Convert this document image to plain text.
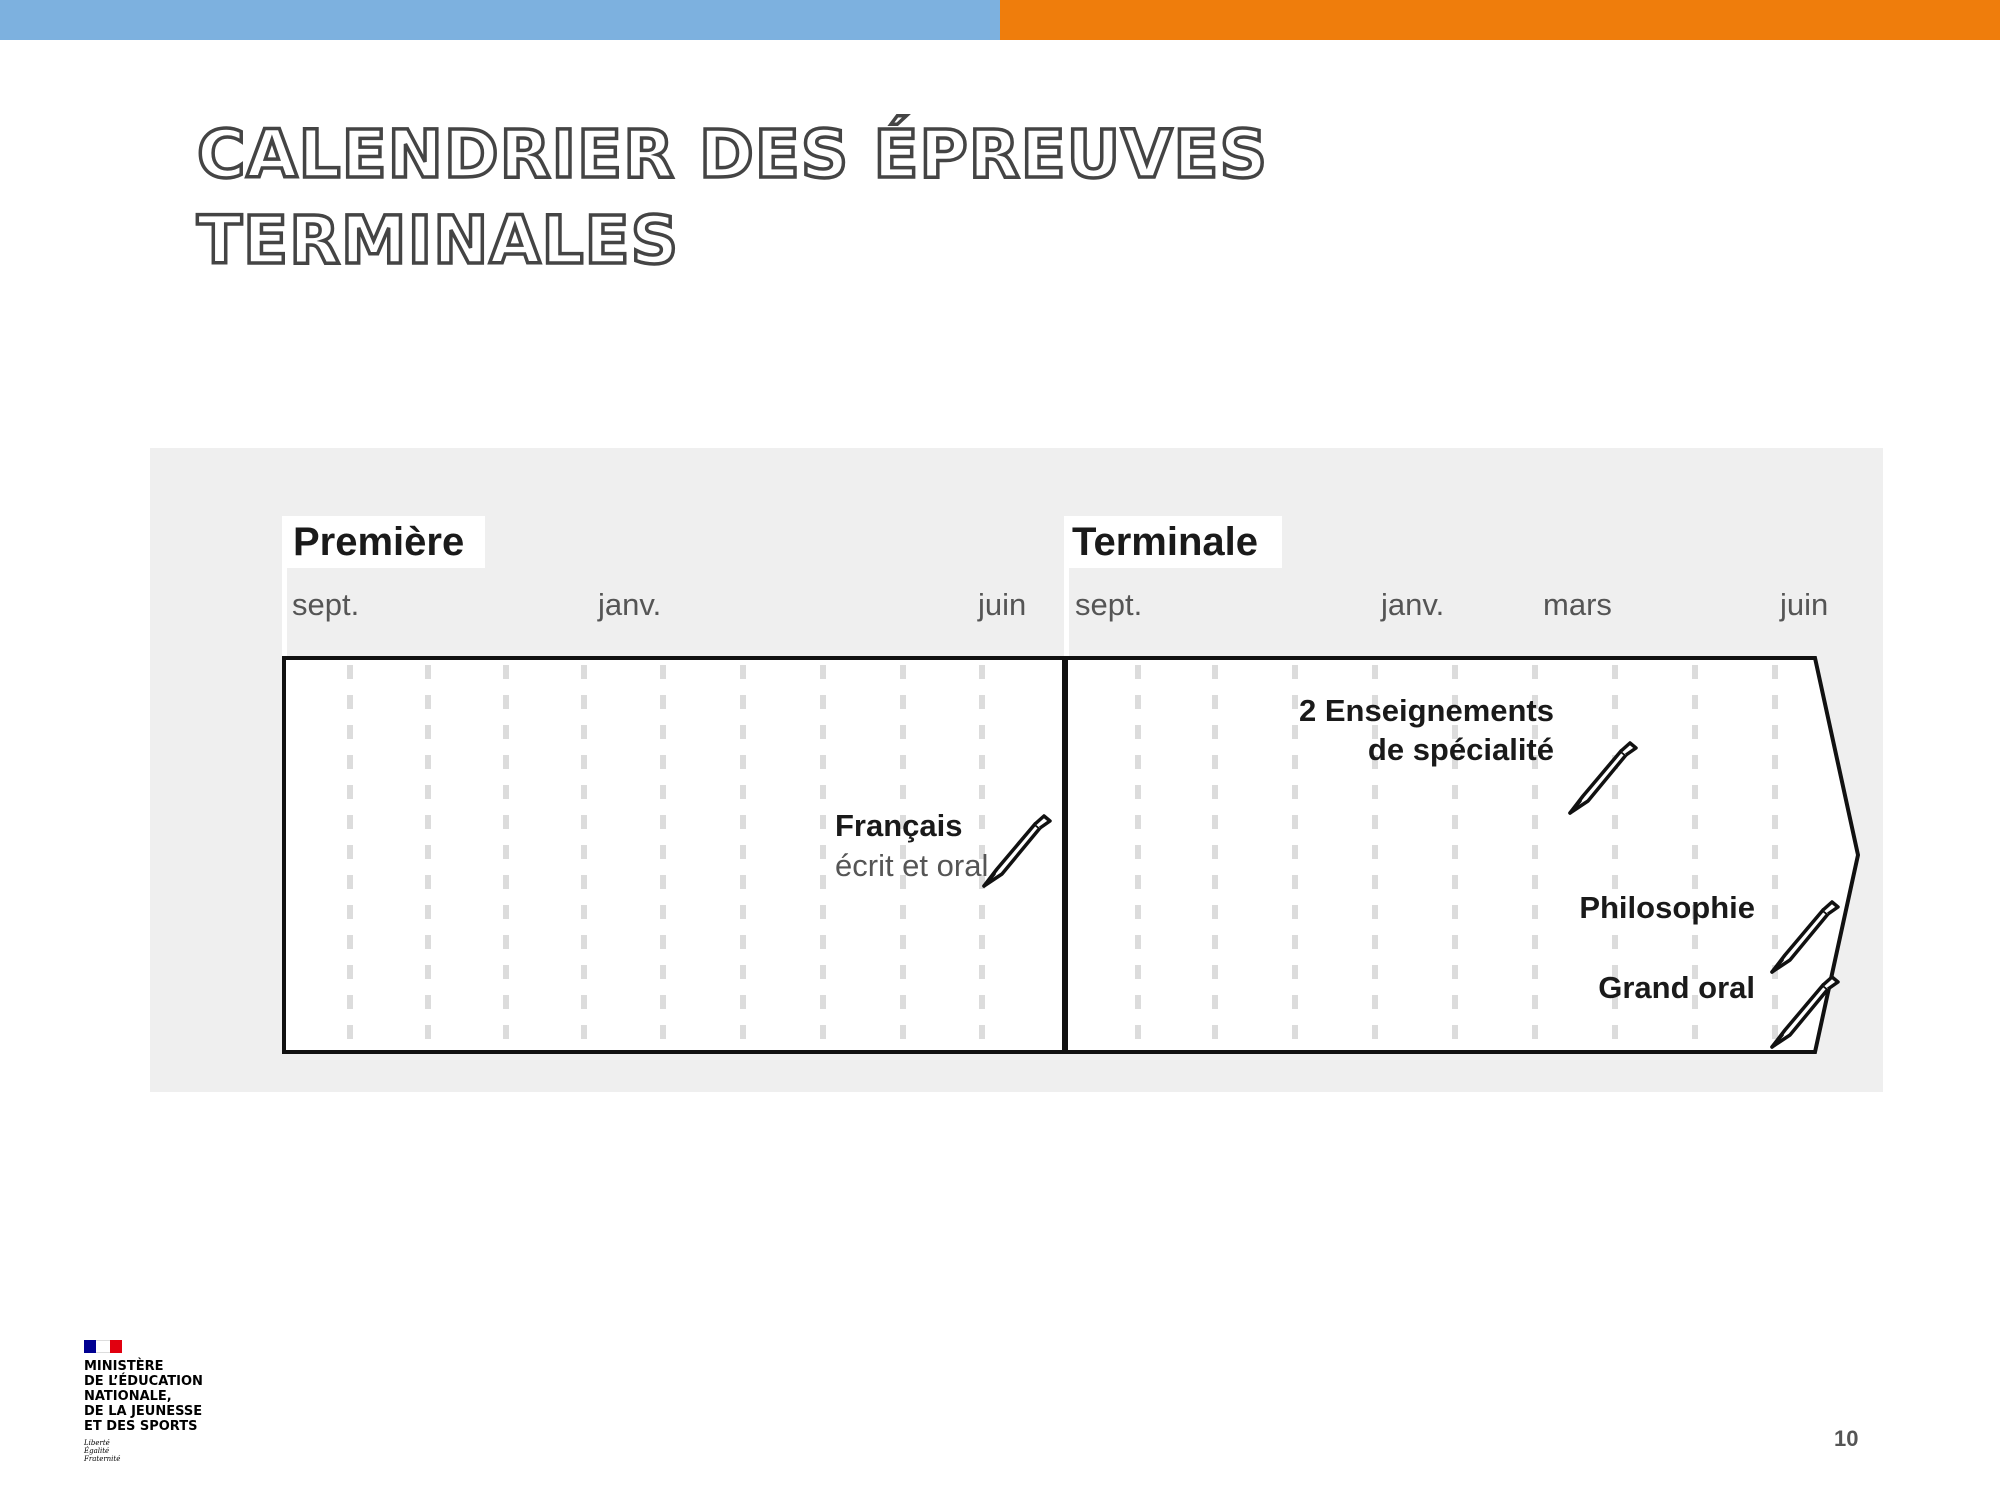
CALENDRIER DES ÉPREUVES
TERMINALES
Première	Terminale
sept.	janv.	juin sept.	janv.	mars	juin
Français
écrit et oral
2 Enseignements
de spécialité
Philosophie
Grand oral
MINISTÈRE
DE L’ÉDUCATION
NATIONALE,
DE LA JEUNESSE
ET DES SPORTS
Liberté
Égalité
Fraternité
10
